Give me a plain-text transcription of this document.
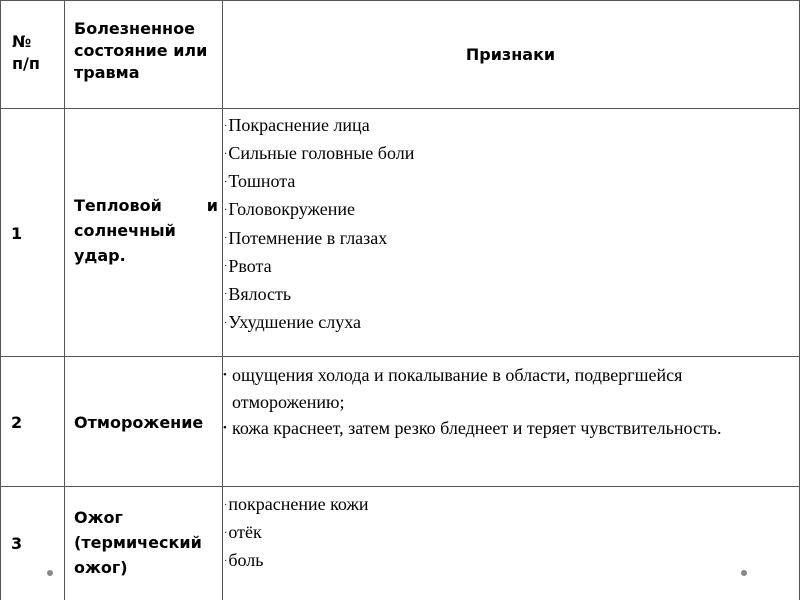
№ п/п
Болезненное состояние или травма
Признаки
1
Тепловой и солнечный удар.
·Покраснение лица
·Сильные головные боли
·Тошнота
·Головокружение
·Потемнение в глазах
·Рвота
·Вялость
·Ухудшение слуха
2	Отморожение
• ощущения холода и покалывание в области, подвергшейся отморожению;
• кожа краснеет, затем резко бледнеет и теряет чувствительность.
3
Ожог (термический ожог)
·покраснение кожи
·отёк
·боль
